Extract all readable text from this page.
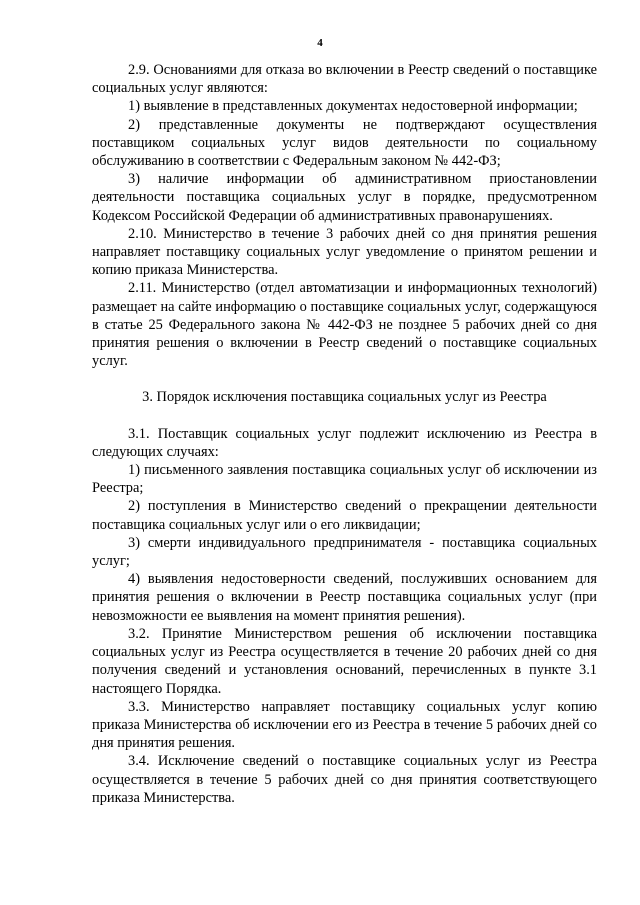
4

2.9. Основаниями для отказа во включении в Реестр сведений о поставщике социальных услуг являются:

1) выявление в представленных документах недостоверной информации;

2) представленные документы не подтверждают осуществления поставщиком социальных услуг видов деятельности по социальному обслуживанию в соответствии с Федеральным законом № 442-ФЗ;

3) наличие информации об административном приостановлении деятельности поставщика социальных услуг в порядке, предусмотренном Кодексом Российской Федерации об административных правонарушениях.

2.10. Министерство в течение 3 рабочих дней со дня принятия решения направляет поставщику социальных услуг уведомление о принятом решении и копию приказа Министерства.

2.11. Министерство (отдел автоматизации и информационных технологий) размещает на сайте информацию о поставщике социальных услуг, содержащуюся в статье 25 Федерального закона № 442-ФЗ не позднее 5 рабочих дней со дня принятия решения о включении в Реестр сведений о поставщике социальных услуг.

3. Порядок исключения поставщика социальных услуг из Реестра

3.1. Поставщик социальных услуг подлежит исключению из Реестра в следующих случаях:

1) письменного заявления поставщика социальных услуг об исключении из Реестра;

2) поступления в Министерство сведений о прекращении деятельности поставщика социальных услуг или о его ликвидации;

3) смерти индивидуального предпринимателя - поставщика социальных услуг;

4) выявления недостоверности сведений, послуживших основанием для принятия решения о включении в Реестр поставщика социальных услуг (при невозможности ее выявления на момент принятия решения).

3.2. Принятие Министерством решения об исключении поставщика социальных услуг из Реестра осуществляется в течение 20 рабочих дней со дня получения сведений и установления оснований, перечисленных в пункте 3.1 настоящего Порядка.

3.3. Министерство направляет поставщику социальных услуг копию приказа Министерства об исключении его из Реестра в течение 5 рабочих дней со дня принятия решения.

3.4. Исключение сведений о поставщике социальных услуг из Реестра осуществляется в течение 5 рабочих дней со дня принятия соответствующего приказа Министерства.
